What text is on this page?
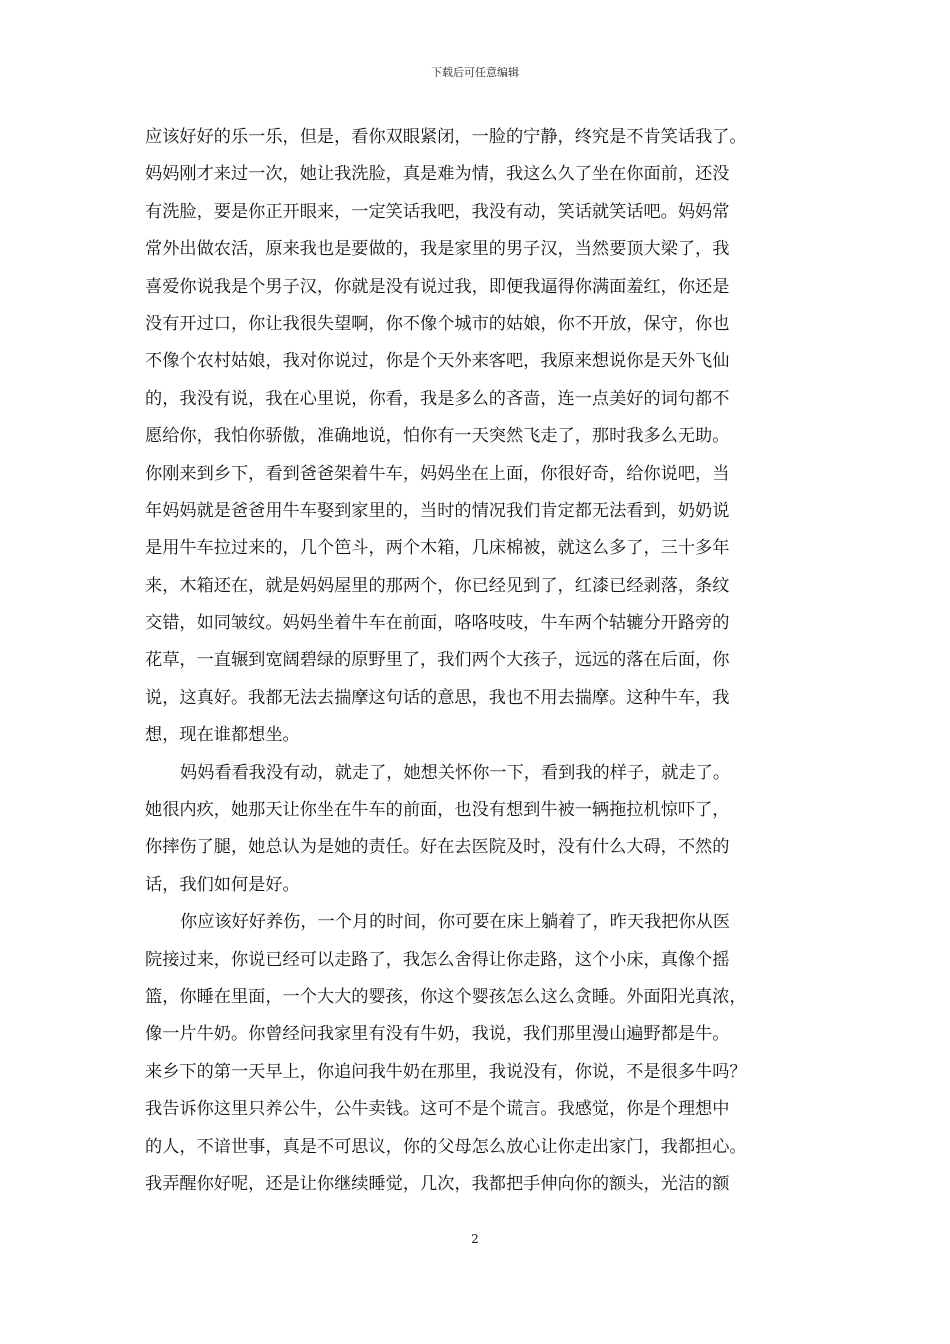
下载后可任意编辑
应该好好的乐一乐，但是，看你双眼紧闭，一脸的宁静，终究是不肯笑话我了。
妈妈刚才来过一次，她让我洗脸，真是难为情，我这么久了坐在你面前，还没
有洗脸，要是你正开眼来，一定笑话我吧，我没有动，笑话就笑话吧。妈妈常
常外出做农活，原来我也是要做的，我是家里的男子汉，当然要顶大梁了，我
喜爱你说我是个男子汉，你就是没有说过我，即便我逼得你满面羞红，你还是
没有开过口，你让我很失望啊，你不像个城市的姑娘，你不开放，保守，你也
不像个农村姑娘，我对你说过，你是个天外来客吧，我原来想说你是天外飞仙
的，我没有说，我在心里说，你看，我是多么的吝啬，连一点美好的词句都不
愿给你，我怕你骄傲，准确地说，怕你有一天突然飞走了，那时我多么无助。
你刚来到乡下，看到爸爸架着牛车，妈妈坐在上面，你很好奇，给你说吧，当
年妈妈就是爸爸用牛车娶到家里的，当时的情况我们肯定都无法看到，奶奶说
是用牛车拉过来的，几个笆斗，两个木箱，几床棉被，就这么多了，三十多年
来，木箱还在，就是妈妈屋里的那两个，你已经见到了，红漆已经剥落，条纹
交错，如同皱纹。妈妈坐着牛车在前面，咯咯吱吱，牛车两个轱辘分开路旁的
花草，一直辗到宽阔碧绿的原野里了，我们两个大孩子，远远的落在后面，你
说，这真好。我都无法去揣摩这句话的意思，我也不用去揣摩。这种牛车，我
想，现在谁都想坐。
妈妈看看我没有动，就走了，她想关怀你一下，看到我的样子，就走了。
她很内疚，她那天让你坐在牛车的前面，也没有想到牛被一辆拖拉机惊吓了，
你摔伤了腿，她总认为是她的责任。好在去医院及时，没有什么大碍，不然的
话，我们如何是好。
你应该好好养伤，一个月的时间，你可要在床上躺着了，昨天我把你从医
院接过来，你说已经可以走路了，我怎么舍得让你走路，这个小床，真像个摇
篮，你睡在里面，一个大大的婴孩，你这个婴孩怎么这么贪睡。外面阳光真浓，
像一片牛奶。你曾经问我家里有没有牛奶，我说，我们那里漫山遍野都是牛。
来乡下的第一天早上，你追问我牛奶在那里，我说没有，你说，不是很多牛吗？
我告诉你这里只养公牛，公牛卖钱。这可不是个谎言。我感觉，你是个理想中
的人，不谙世事，真是不可思议，你的父母怎么放心让你走出家门，我都担心。
我弄醒你好呢，还是让你继续睡觉，几次，我都把手伸向你的额头，光洁的额
2
